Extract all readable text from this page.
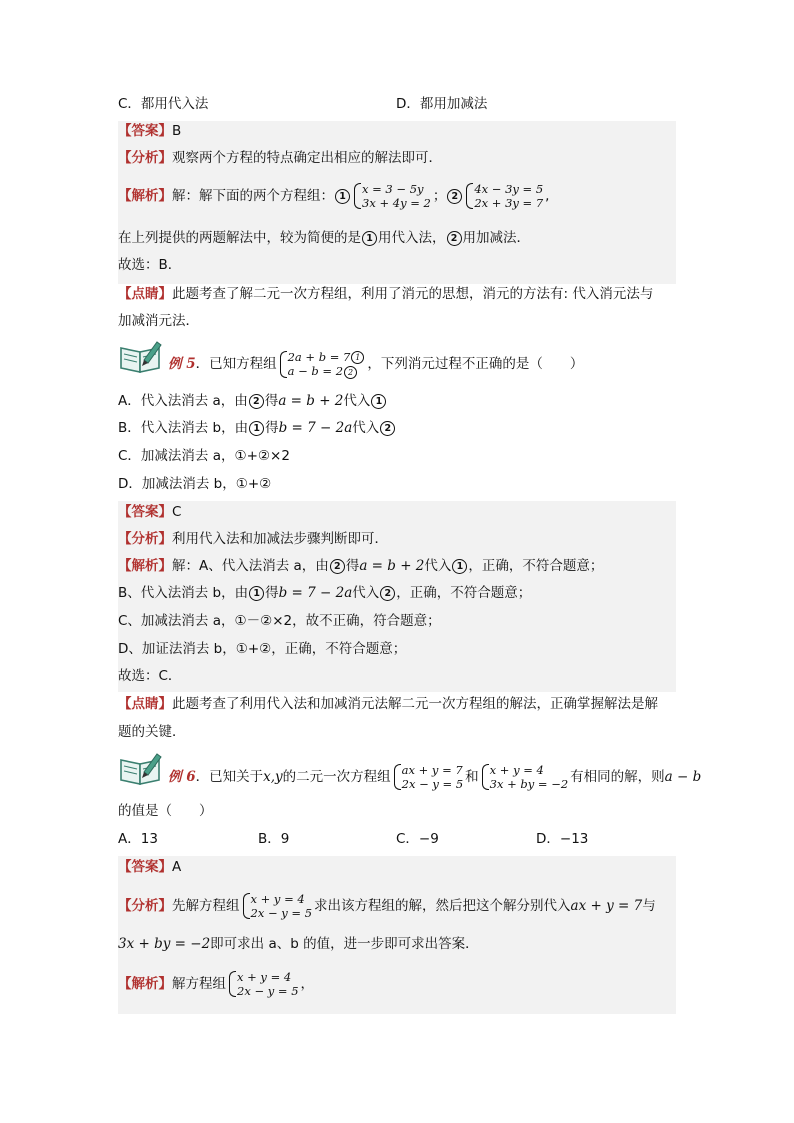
C．都用代入法	D．都用加减法
【答案】B
【分析】观察两个方程的特点确定出相应的解法即可．
【解析】解：解下面的两个方程组： 1 x = 3 − 5y
3x + 4y = 2 ； 2 4x − 3y = 5
2x + 3y = 7 ,
在上列提供的两题解法中，较为简便的是 1 用代入法， 2 用加减法．
故选：B．
【点睛】此题考查了解二元一次方程组，利用了消元的思想，消元的方法有: 代入消元法与
加减消元法．
例 5．已知方程组 2a + b = 7 1
a − b = 2 2	，下列消元过程不正确的是（　　）
A．代入法消去 a，由 2 得a = b + 2代入 1
B．代入法消去 b，由 1 得b = 7 − 2a代入 2
C．加减法消去 a，①+②×2
D．加减法消去 b，①+②
【答案】C
【分析】利用代入法和加减法步骤判断即可．
【解析】解：A、代入法消去 a，由 2 得a = b + 2代入 1 ，正确，不符合题意；
B、代入法消去 b，由 1 得b = 7 − 2a代入 2 ，正确，不符合题意；
C、加减法消去 a，①－②×2，故不正确，符合题意；
D、加证法消去 b，①+②，正确，不符合题意；
故选：C．
【点睛】此题考查了利用代入法和加减消元法解二元一次方程组的解法，正确掌握解法是解
题的关键．
例 6．已知关于x,y的二元一次方程组 ax + y = 7
2x − y = 5 和 x + y = 4
3x + by = −2 有相同的解，则a − b
的值是（　　）
A．13	B．9	C．−9	D．−13
【答案】A
【分析】先解方程组 x + y = 4
2x − y = 5 求出该方程组的解，然后把这个解分别代入ax + y = 7与
3x + by = −2即可求出 a、b 的值，进一步即可求出答案．
【解析】解方程组 x + y = 4
2x − y = 5 ，
